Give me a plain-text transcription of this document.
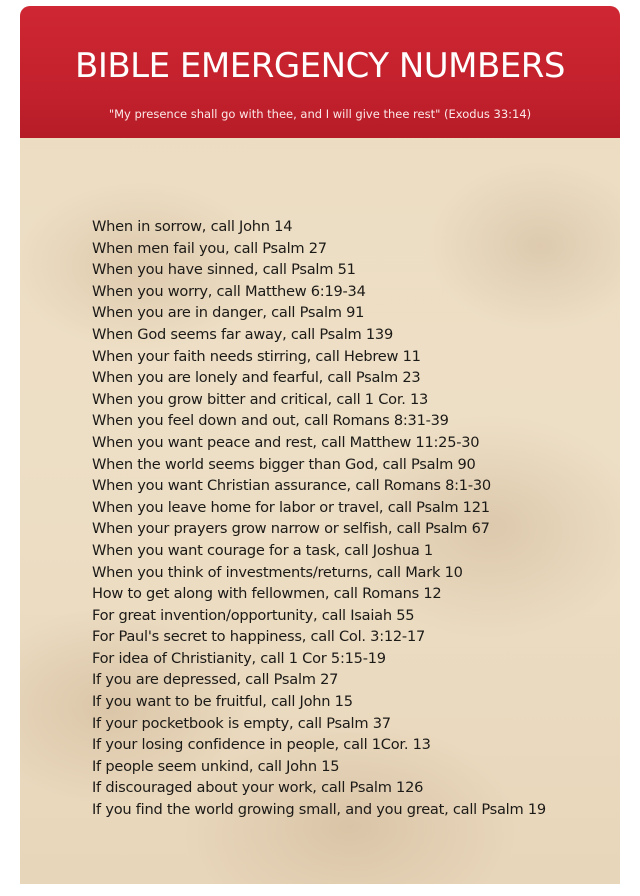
BIBLE EMERGENCY NUMBERS
"My presence shall go with thee, and I will give thee rest" (Exodus 33:14)
When in sorrow, call John 14
When men fail you, call Psalm 27
When you have sinned, call Psalm 51
When you worry, call Matthew 6:19-34
When you are in danger, call Psalm 91
When God seems far away, call Psalm 139
When your faith needs stirring, call Hebrew 11
When you are lonely and fearful, call Psalm 23
When you grow bitter and critical, call 1 Cor. 13
When you feel down and out, call Romans 8:31-39
When you want peace and rest, call Matthew 11:25-30
When the world seems bigger than God, call Psalm 90
When you want Christian assurance, call Romans 8:1-30
When you leave home for labor or travel, call Psalm 121
When your prayers grow narrow or selfish, call Psalm 67
When you want courage for a task, call Joshua 1
When you think of investments/returns, call Mark 10
How to get along with fellowmen, call Romans 12
For great invention/opportunity, call Isaiah 55
For Paul's secret to happiness, call Col. 3:12-17
For idea of Christianity, call 1 Cor 5:15-19
If you are depressed, call Psalm 27
If you want to be fruitful, call John 15
If your pocketbook is empty, call Psalm 37
If your losing confidence in people, call 1Cor. 13
If people seem unkind, call John 15
If discouraged about your work, call Psalm 126
If you find the world growing small, and you great, call Psalm 19
